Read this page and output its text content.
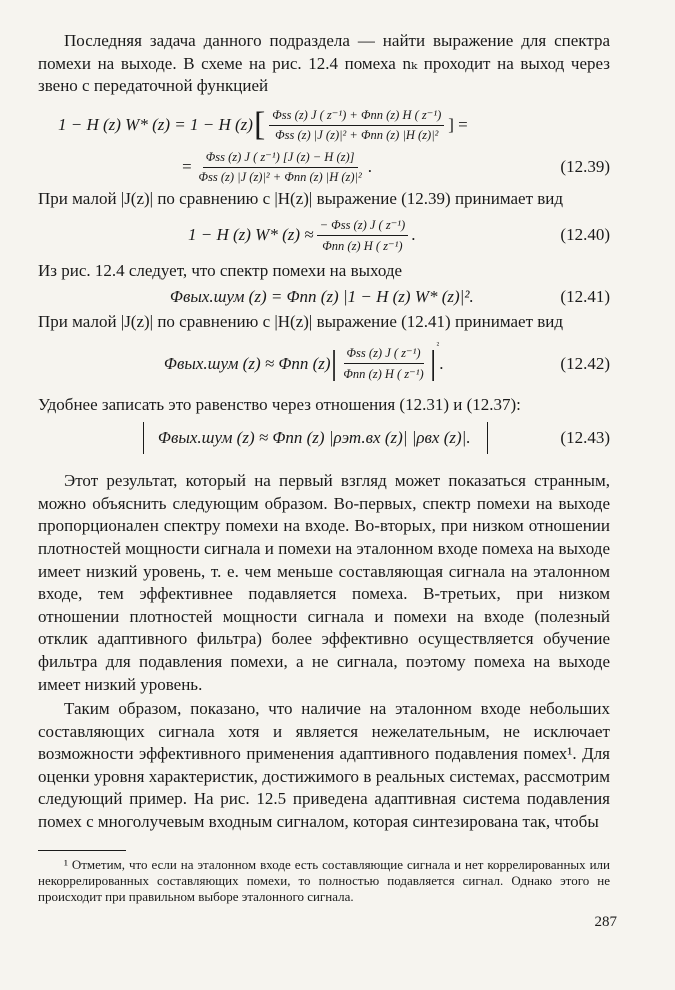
Последняя задача данного подраздела — найти выражение для спектра помехи на выходе. В схеме на рис. 12.4 помеха nₖ проходит на выход через звено с передаточной функцией

1 − H (z) W* (z) = 1 − H (z) [ $\frac{\text{Φss (z) J ( z⁻¹) + Φnn (z) H ( z⁻¹)}}{\text{Φss (z) |J (z)|² + Φnn (z) |H (z)|²}}$ ] =
= $\frac{\text{Φss (z) J ( z⁻¹) [J (z) − H (z)]}}{\text{Φss (z) |J (z)|² + Φnn (z) |H (z)|²}}$ .	(12.39)

При малой |J(z)| по сравнению с |H(z)| выражение (12.39) принимает вид

1 − H (z) W* $(z) \approx \frac{\text{− Φss (z) J ( z⁻¹)}}{\text{Φnn (z) H ( z⁻¹)}}$ .	(12.40)

Из рис. 12.4 следует, что спектр помехи на выходе

Φвых.шум (z) = Φnn (z) |1 − H (z) W* (z)|².	(12.41)

При малой |J(z)| по сравнению с |H(z)| выражение (12.41) принимает вид

Φвых.шум (z) ≈ Φnn (z) | $\frac{\text{Φss (z) J ( z⁻¹)}}{\text{Φnn (z) H ( z⁻¹)}} |^{^2}$
.	(12.42)

Удобнее записать это равенство через отношения (12.31) и (12.37):

Φвых.шум (z) ≈ Φnn (z) |ρэт.вх (z)| |ρвх (z)|.	(12.43)

Этот результат, который на первый взгляд может показаться странным, можно объяснить следующим образом. Во-первых, спектр помехи на выходе пропорционален спектру помехи на входе. Во-вторых, при низком отношении плотностей мощности сигнала и помехи на эталонном входе помеха на выходе имеет низкий уровень, т. е. чем меньше составляющая сигнала на эталонном входе, тем эффективнее подавляется помеха. В-третьих, при низком отношении плотностей мощности сигнала и помехи на входе (полезный отклик адаптивного фильтра) более эффективно осуществляется обучение фильтра для подавления помехи, а не сигнала, поэтому помеха на выходе имеет низкий уровень.

Таким образом, показано, что наличие на эталонном входе небольших составляющих сигнала хотя и является нежелательным, не исключает возможности эффективного применения адаптивного подавления помех¹. Для оценки уровня характеристик, достижимого в реальных системах, рассмотрим следующий пример. На рис. 12.5 приведена адаптивная система подавления помех с многолучевым входным сигналом, которая синтезирована так, чтобы

¹ Отметим, что если на эталонном входе есть составляющие сигнала и нет коррелированных или некоррелированных составляющих помехи, то полностью подавляется сигнал. Однако этого не происходит при правильном выборе эталонного сигнала.

287
